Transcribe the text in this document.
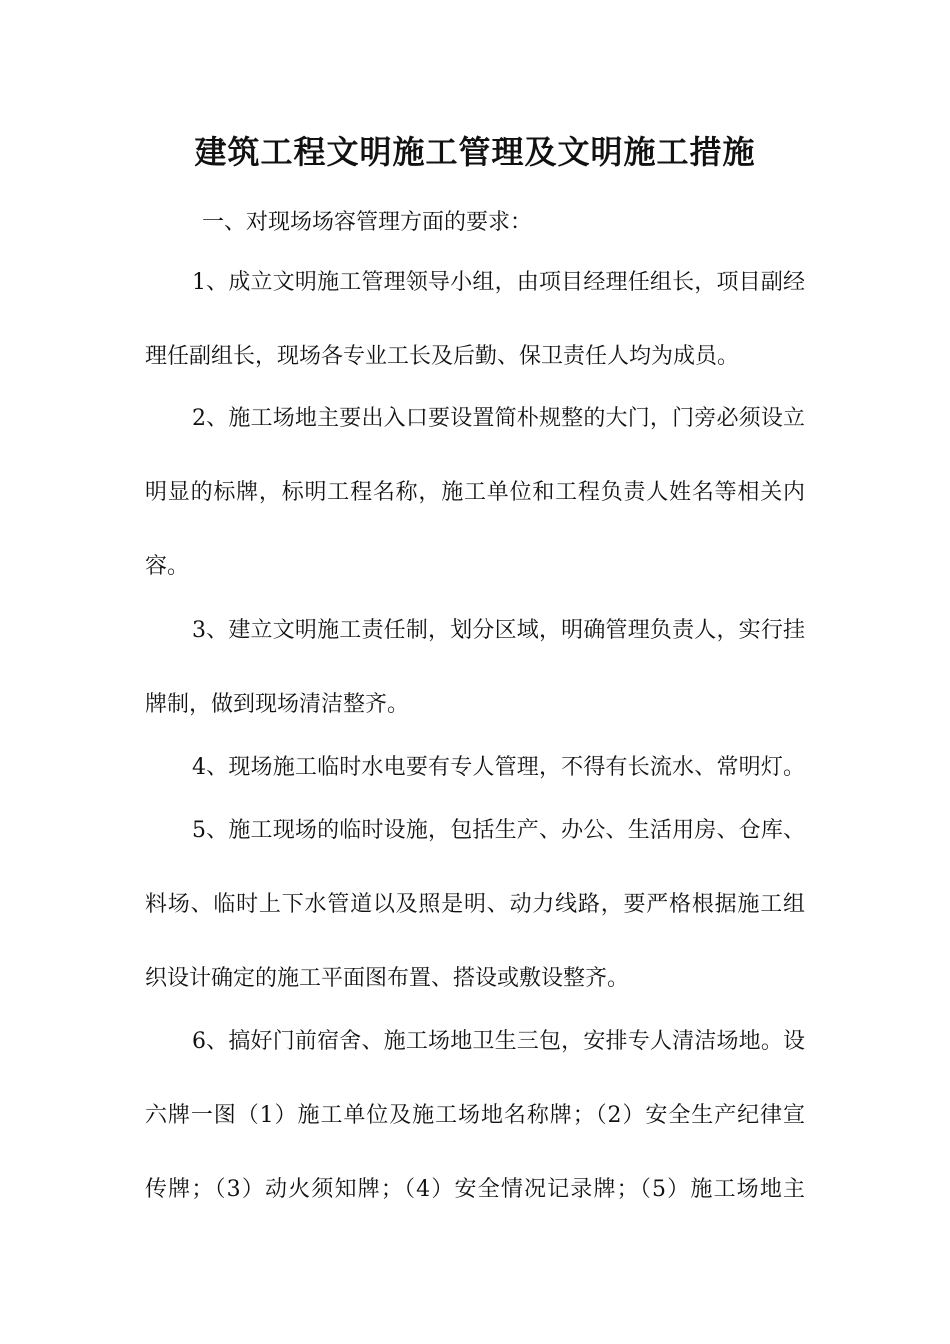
建筑工程文明施工管理及文明施工措施
一、对现场场容管理方面的要求：
1、成立文明施工管理领导小组，由项目经理任组长，项目副经
理任副组长，现场各专业工长及后勤、保卫责任人均为成员。
2、施工场地主要出入口要设置简朴规整的大门，门旁必须设立
明显的标牌，标明工程名称，施工单位和工程负责人姓名等相关内
容。
3、建立文明施工责任制，划分区域，明确管理负责人，实行挂
牌制，做到现场清洁整齐。
4、现场施工临时水电要有专人管理，不得有长流水、常明灯。
5、施工现场的临时设施，包括生产、办公、生活用房、仓库、
料场、临时上下水管道以及照是明、动力线路，要严格根据施工组
织设计确定的施工平面图布置、搭设或敷设整齐。
6、搞好门前宿舍、施工场地卫生三包，安排专人清洁场地。设
六牌一图（1）施工单位及施工场地名称牌；（2）安全生产纪律宣
传牌；（3）动火须知牌；（4）安全情况记录牌；（5）施工场地主
